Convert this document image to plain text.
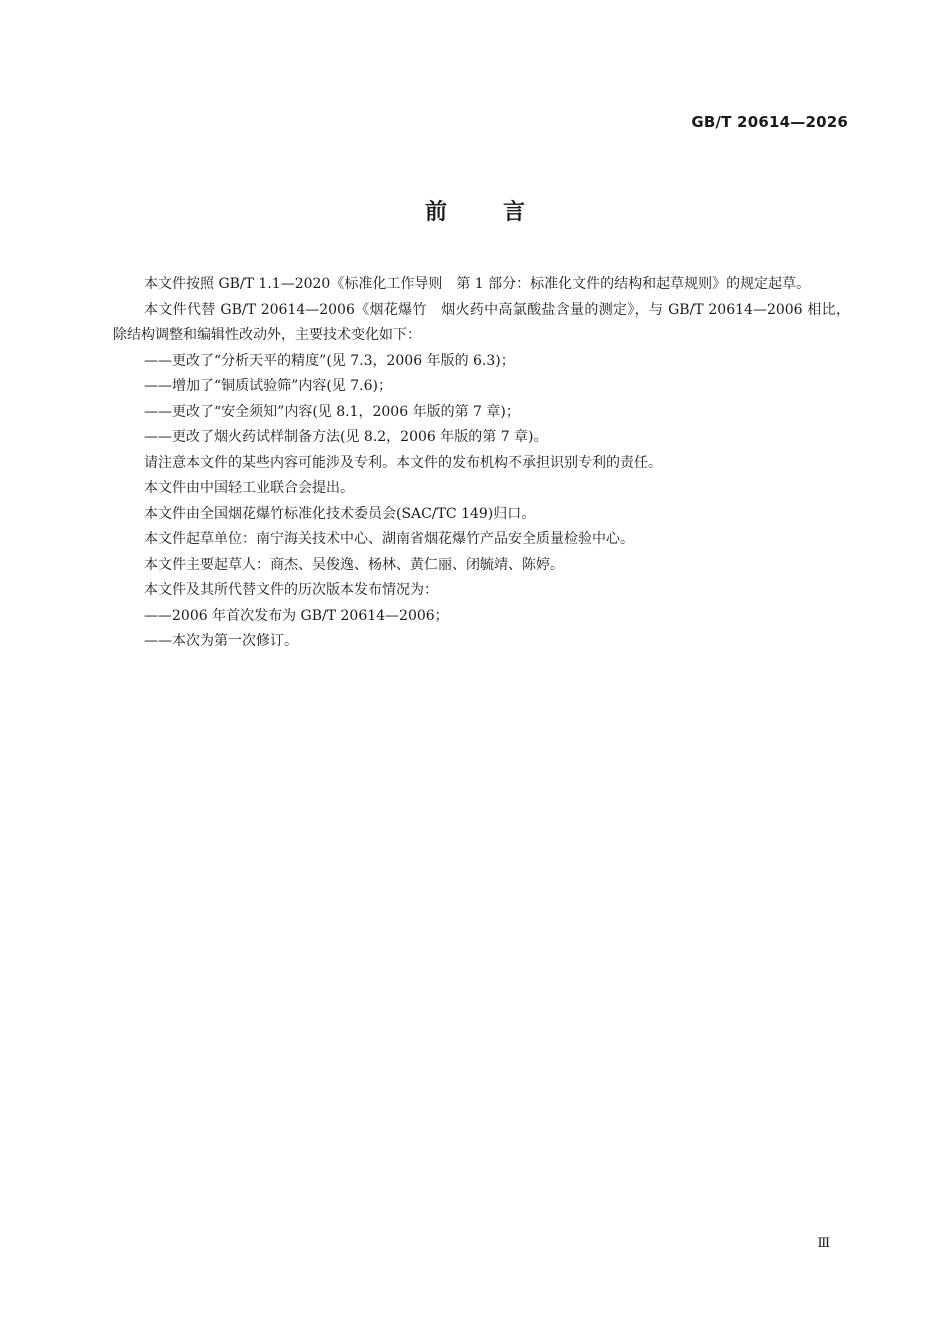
GB/T 20614—2026
前	言

本文件按照 GB/T 1.1—2020《标准化工作导则　第 1 部分：标准化文件的结构和起草规则》的规定起草。

本文件代替 GB/T 20614—2006《烟花爆竹　烟火药中高氯酸盐含量的测定》，与 GB/T 20614—2006 相比，除结构调整和编辑性改动外，主要技术变化如下：

——更改了“分析天平的精度”(见 7.3，2006 年版的 6.3)；

——增加了“铜质试验筛”内容(见 7.6)；

——更改了“安全须知”内容(见 8.1，2006 年版的第 7 章)；

——更改了烟火药试样制备方法(见 8.2，2006 年版的第 7 章)。

请注意本文件的某些内容可能涉及专利。本文件的发布机构不承担识别专利的责任。

本文件由中国轻工业联合会提出。

本文件由全国烟花爆竹标准化技术委员会(SAC/TC 149)归口。

本文件起草单位：南宁海关技术中心、湖南省烟花爆竹产品安全质量检验中心。

本文件主要起草人：商杰、吴俊逸、杨林、黄仁丽、闭毓靖、陈婷。

本文件及其所代替文件的历次版本发布情况为：

——2006 年首次发布为 GB/T 20614—2006；

——本次为第一次修订。

Ⅲ
